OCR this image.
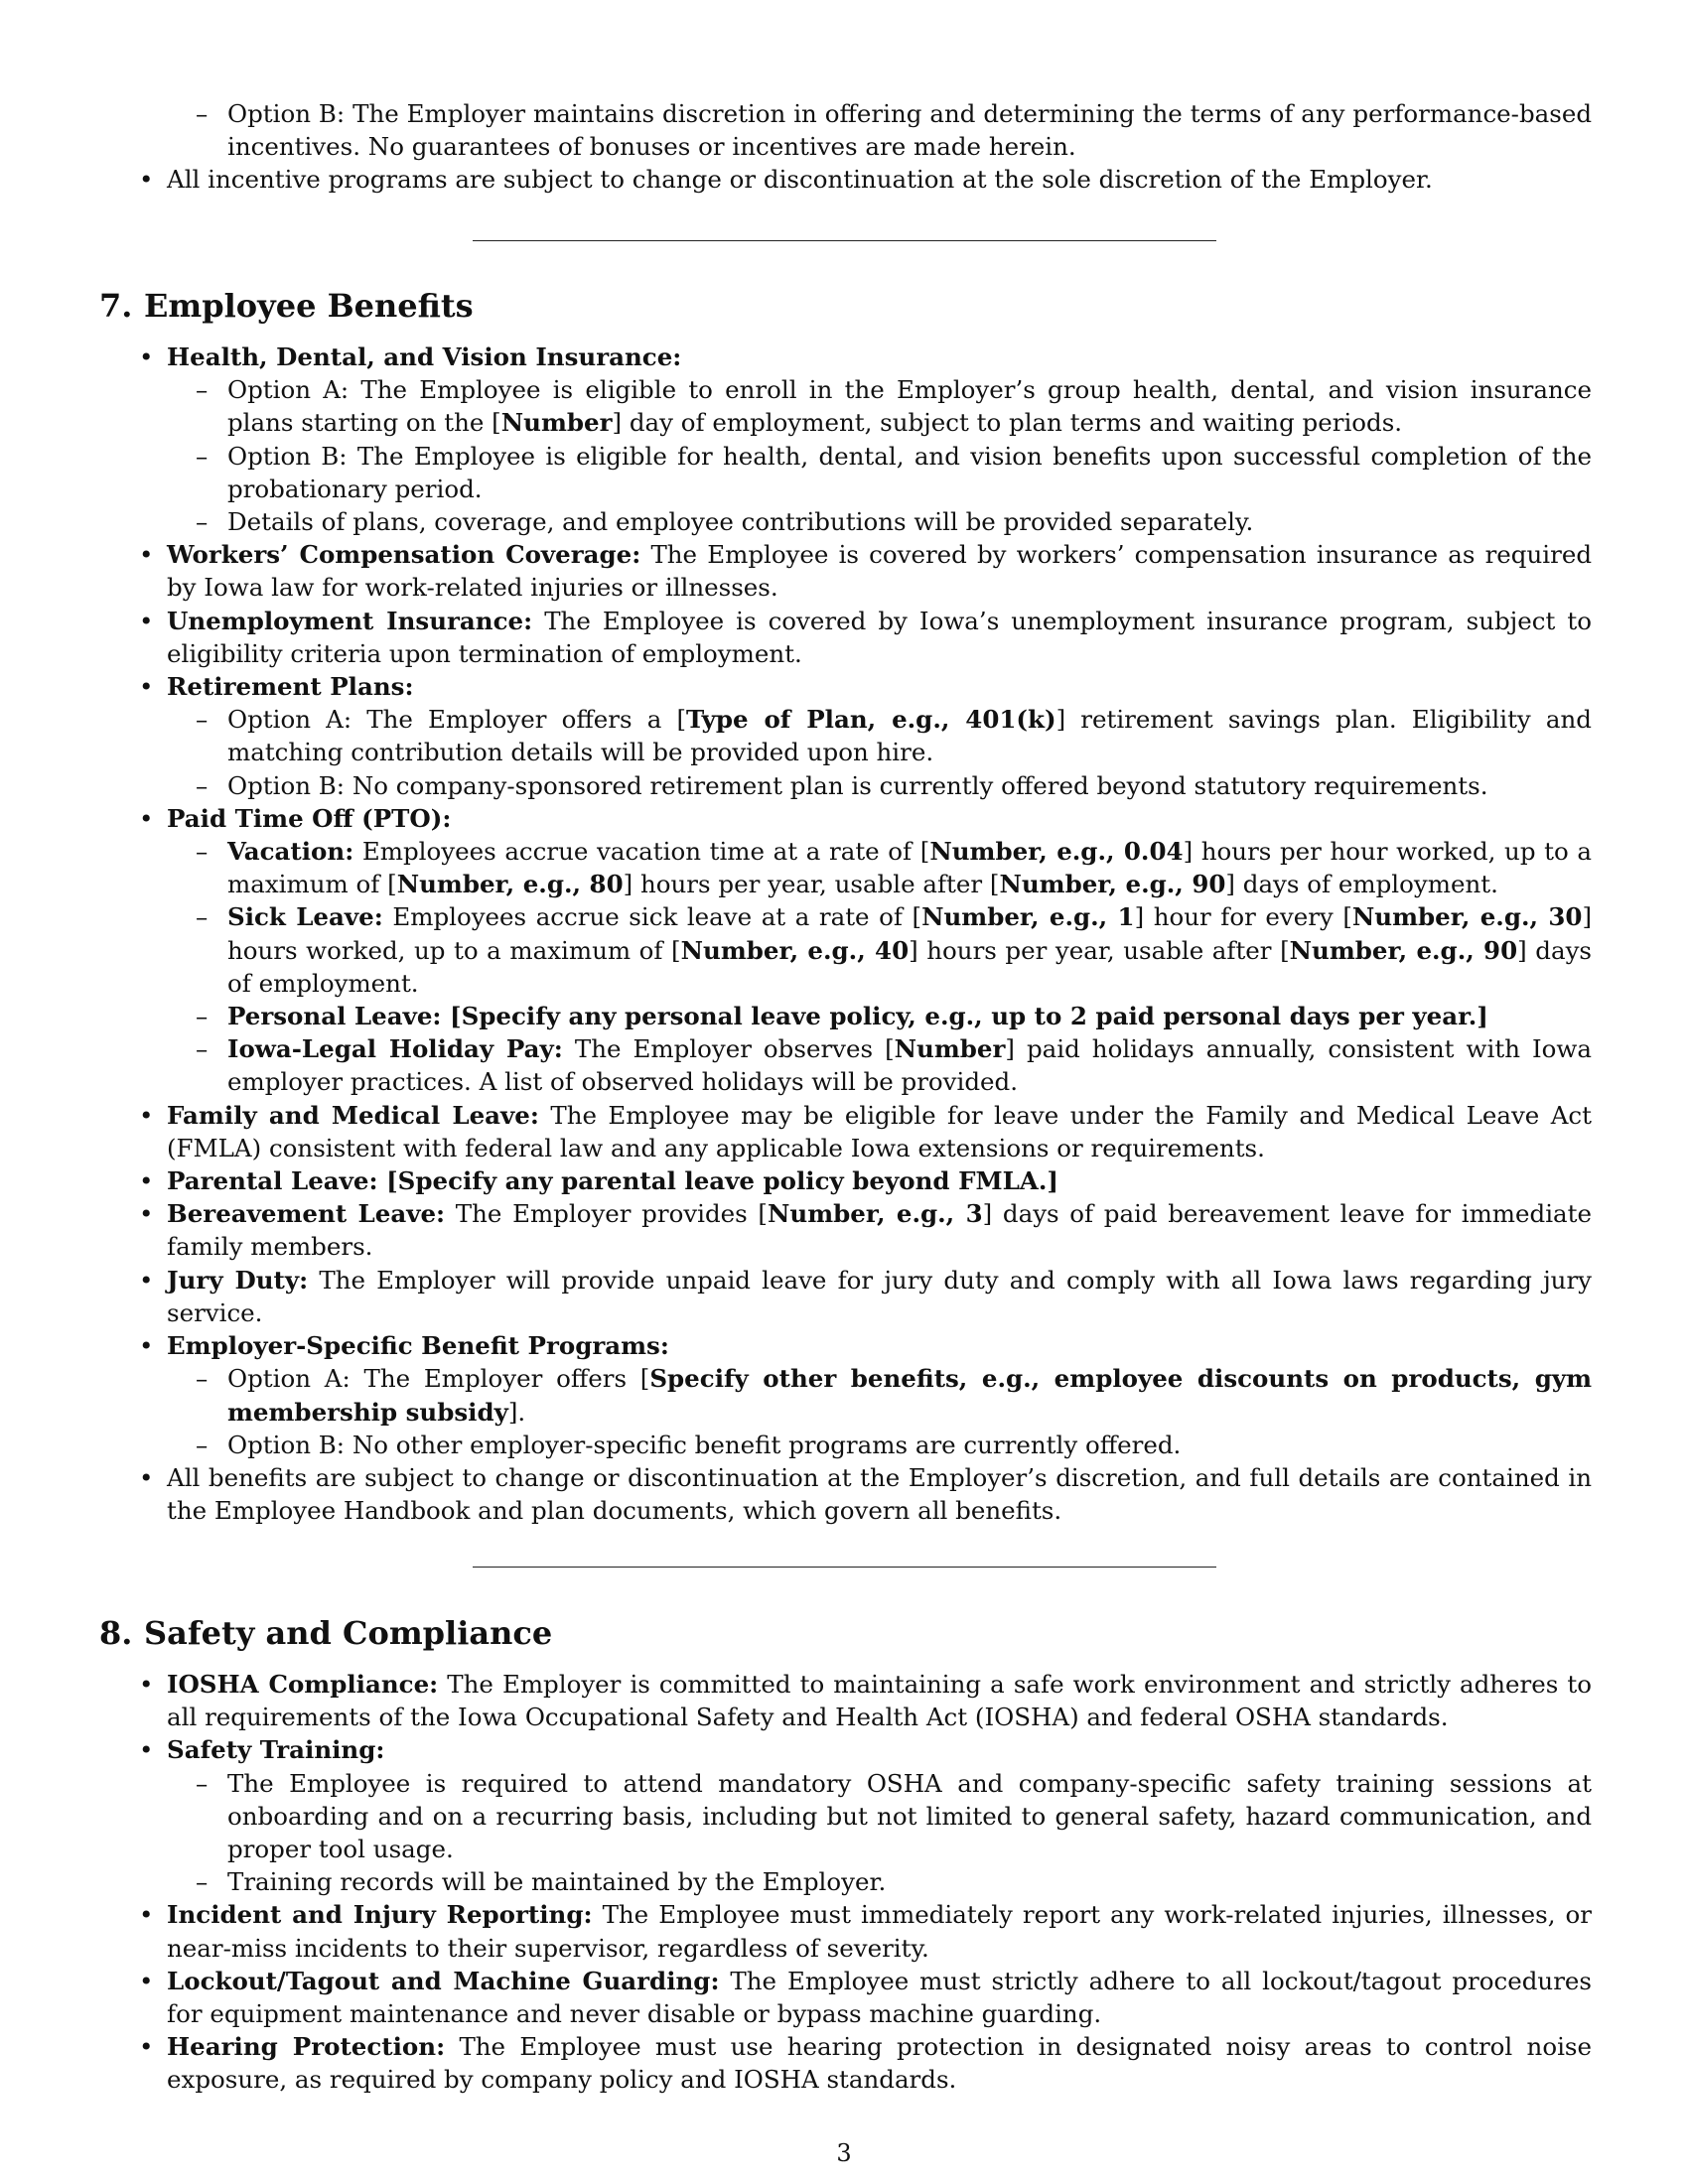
– Option B: The Employer maintains discretion in offering and determining the terms of any performance-based incentives. No guarantees of bonuses or incentives are made herein.
• All incentive programs are subject to change or discontinuation at the sole discretion of the Employer.
7. Employee Benefits
• Health, Dental, and Vision Insurance:
– Option A: The Employee is eligible to enroll in the Employer’s group health, dental, and vision insurance plans starting on the [Number] day of employment, subject to plan terms and waiting periods.
– Option B: The Employee is eligible for health, dental, and vision benefits upon successful completion of the probationary period.
– Details of plans, coverage, and employee contributions will be provided separately.
• Workers’ Compensation Coverage: The Employee is covered by workers’ compensation insurance as required by Iowa law for work-related injuries or illnesses.
• Unemployment Insurance: The Employee is covered by Iowa’s unemployment insurance program, subject to eligibility criteria upon termination of employment.
• Retirement Plans:
– Option A: The Employer offers a [Type of Plan, e.g., 401(k)] retirement savings plan. Eligibility and matching contribution details will be provided upon hire.
– Option B: No company-sponsored retirement plan is currently offered beyond statutory requirements.
• Paid Time Off (PTO):
– Vacation: Employees accrue vacation time at a rate of [Number, e.g., 0.04] hours per hour worked, up to a maximum of [Number, e.g., 80] hours per year, usable after [Number, e.g., 90] days of employment.
– Sick Leave: Employees accrue sick leave at a rate of [Number, e.g., 1] hour for every [Number, e.g., 30] hours worked, up to a maximum of [Number, e.g., 40] hours per year, usable after [Number, e.g., 90] days of employment.
– Personal Leave: [Specify any personal leave policy, e.g., up to 2 paid personal days per year.]
– Iowa-Legal Holiday Pay: The Employer observes [Number] paid holidays annually, consistent with Iowa employer practices. A list of observed holidays will be provided.
• Family and Medical Leave: The Employee may be eligible for leave under the Family and Medical Leave Act (FMLA) consistent with federal law and any applicable Iowa extensions or requirements.
• Parental Leave: [Specify any parental leave policy beyond FMLA.]
• Bereavement Leave: The Employer provides [Number, e.g., 3] days of paid bereavement leave for immediate family members.
• Jury Duty: The Employer will provide unpaid leave for jury duty and comply with all Iowa laws regarding jury service.
• Employer-Specific Benefit Programs:
– Option A: The Employer offers [Specify other benefits, e.g., employee discounts on products, gym membership subsidy].
– Option B: No other employer-specific benefit programs are currently offered.
• All benefits are subject to change or discontinuation at the Employer’s discretion, and full details are contained in the Employee Handbook and plan documents, which govern all benefits.
8. Safety and Compliance
• IOSHA Compliance: The Employer is committed to maintaining a safe work environment and strictly adheres to all requirements of the Iowa Occupational Safety and Health Act (IOSHA) and federal OSHA standards.
• Safety Training:
– The Employee is required to attend mandatory OSHA and company-specific safety training sessions at onboarding and on a recurring basis, including but not limited to general safety, hazard communication, and proper tool usage.
– Training records will be maintained by the Employer.
• Incident and Injury Reporting: The Employee must immediately report any work-related injuries, illnesses, or near-miss incidents to their supervisor, regardless of severity.
• Lockout/Tagout and Machine Guarding: The Employee must strictly adhere to all lockout/tagout procedures for equipment maintenance and never disable or bypass machine guarding.
• Hearing Protection: The Employee must use hearing protection in designated noisy areas to control noise exposure, as required by company policy and IOSHA standards.
3
